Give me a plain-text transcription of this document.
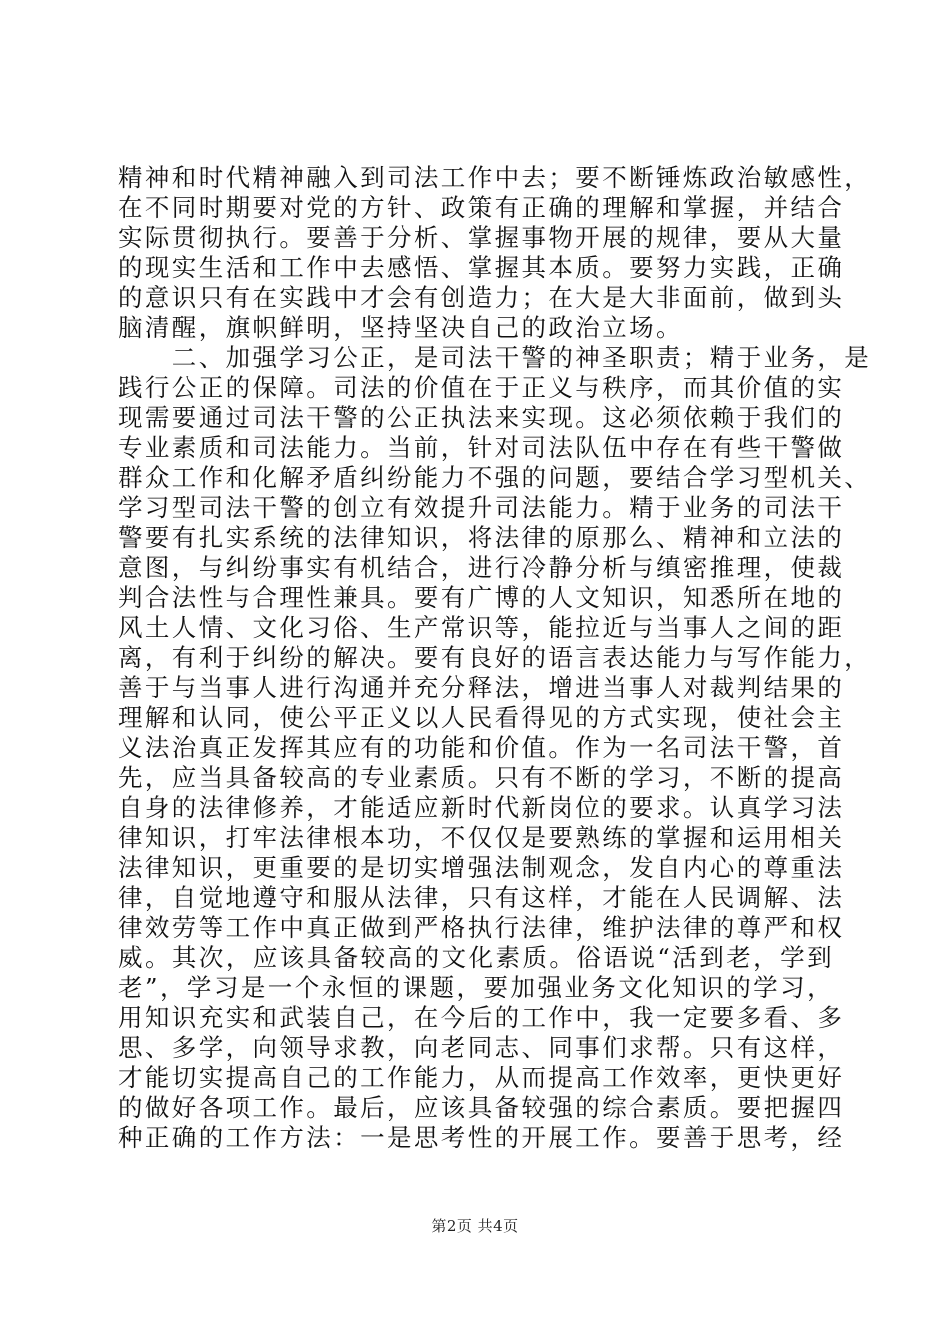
精神和时代精神融入到司法工作中去；要不断锤炼政治敏感性，
在不同时期要对党的方针、政策有正确的理解和掌握，并结合
实际贯彻执行。要善于分析、掌握事物开展的规律，要从大量
的现实生活和工作中去感悟、掌握其本质。要努力实践，正确
的意识只有在实践中才会有创造力；在大是大非面前，做到头
脑清醒，旗帜鲜明，坚持坚决自己的政治立场。
　　二、加强学习公正，是司法干警的神圣职责；精于业务，是
践行公正的保障。司法的价值在于正义与秩序，而其价值的实
现需要通过司法干警的公正执法来实现。这必须依赖于我们的
专业素质和司法能力。当前，针对司法队伍中存在有些干警做
群众工作和化解矛盾纠纷能力不强的问题，要结合学习型机关、
学习型司法干警的创立有效提升司法能力。精于业务的司法干
警要有扎实系统的法律知识，将法律的原那么、精神和立法的
意图，与纠纷事实有机结合，进行冷静分析与缜密推理，使裁
判合法性与合理性兼具。要有广博的人文知识，知悉所在地的
风土人情、文化习俗、生产常识等，能拉近与当事人之间的距
离，有利于纠纷的解决。要有良好的语言表达能力与写作能力，
善于与当事人进行沟通并充分释法，增进当事人对裁判结果的
理解和认同，使公平正义以人民看得见的方式实现，使社会主
义法治真正发挥其应有的功能和价值。作为一名司法干警，首
先，应当具备较高的专业素质。只有不断的学习，不断的提高
自身的法律修养，才能适应新时代新岗位的要求。认真学习法
律知识，打牢法律根本功，不仅仅是要熟练的掌握和运用相关
法律知识，更重要的是切实增强法制观念，发自内心的尊重法
律，自觉地遵守和服从法律，只有这样，才能在人民调解、法
律效劳等工作中真正做到严格执行法律，维护法律的尊严和权
威。其次，应该具备较高的文化素质。俗语说“活到老，学到
老”，学习是一个永恒的课题，要加强业务文化知识的学习，
用知识充实和武装自己，在今后的工作中，我一定要多看、多
思、多学，向领导求教，向老同志、同事们求帮。只有这样，
才能切实提高自己的工作能力，从而提高工作效率，更快更好
的做好各项工作。最后，应该具备较强的综合素质。要把握四
种正确的工作方法：一是思考性的开展工作。要善于思考，经
第2页 共4页
